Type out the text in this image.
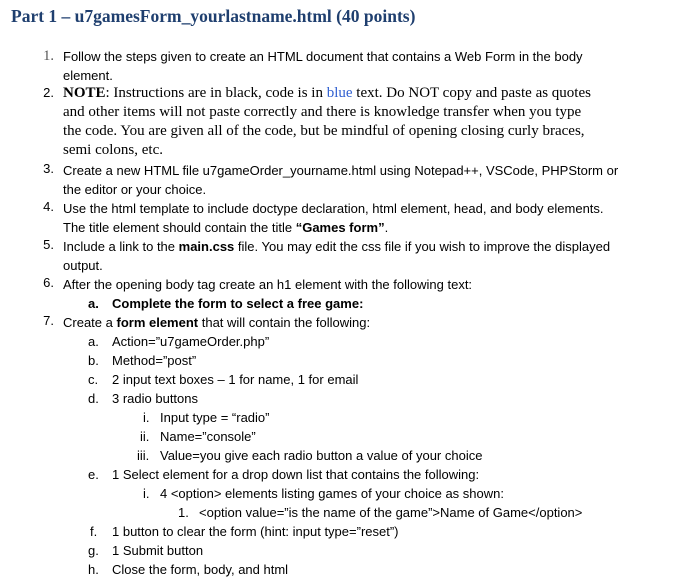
Part 1 – u7gamesForm_yourlastname.html (40 points)
1. Follow the steps given to create an HTML document that contains a Web Form in the body
element.
2. NOTE: Instructions are in black, code is in blue text. Do NOT copy and paste as quotes
and other items will not paste correctly and there is knowledge transfer when you type
the code. You are given all of the code, but be mindful of opening closing curly braces,
semi colons, etc.
3. Create a new HTML file u7gameOrder_yourname.html using Notepad++, VSCode, PHPStorm or
the editor or your choice.
4. Use the html template to include doctype declaration, html element, head, and body elements.
The title element should contain the title “Games form”.
5. Include a link to the main.css file. You may edit the css file if you wish to improve the displayed
output.
6. After the opening body tag create an h1 element with the following text:
a. Complete the form to select a free game:
7. Create a form element that will contain the following:
a. Action=”u7gameOrder.php”
b. Method=”post”
c. 2 input text boxes – 1 for name, 1 for email
d. 3 radio buttons
i. Input type = “radio”
ii. Name=”console”
iii. Value=you give each radio button a value of your choice
e. 1 Select element for a drop down list that contains the following:
i. 4 <option> elements listing games of your choice as shown:
1. <option value=”is the name of the game”>Name of Game</option>
f. 1 button to clear the form (hint: input type=”reset”)
g. 1 Submit button
h. Close the form, body, and html
